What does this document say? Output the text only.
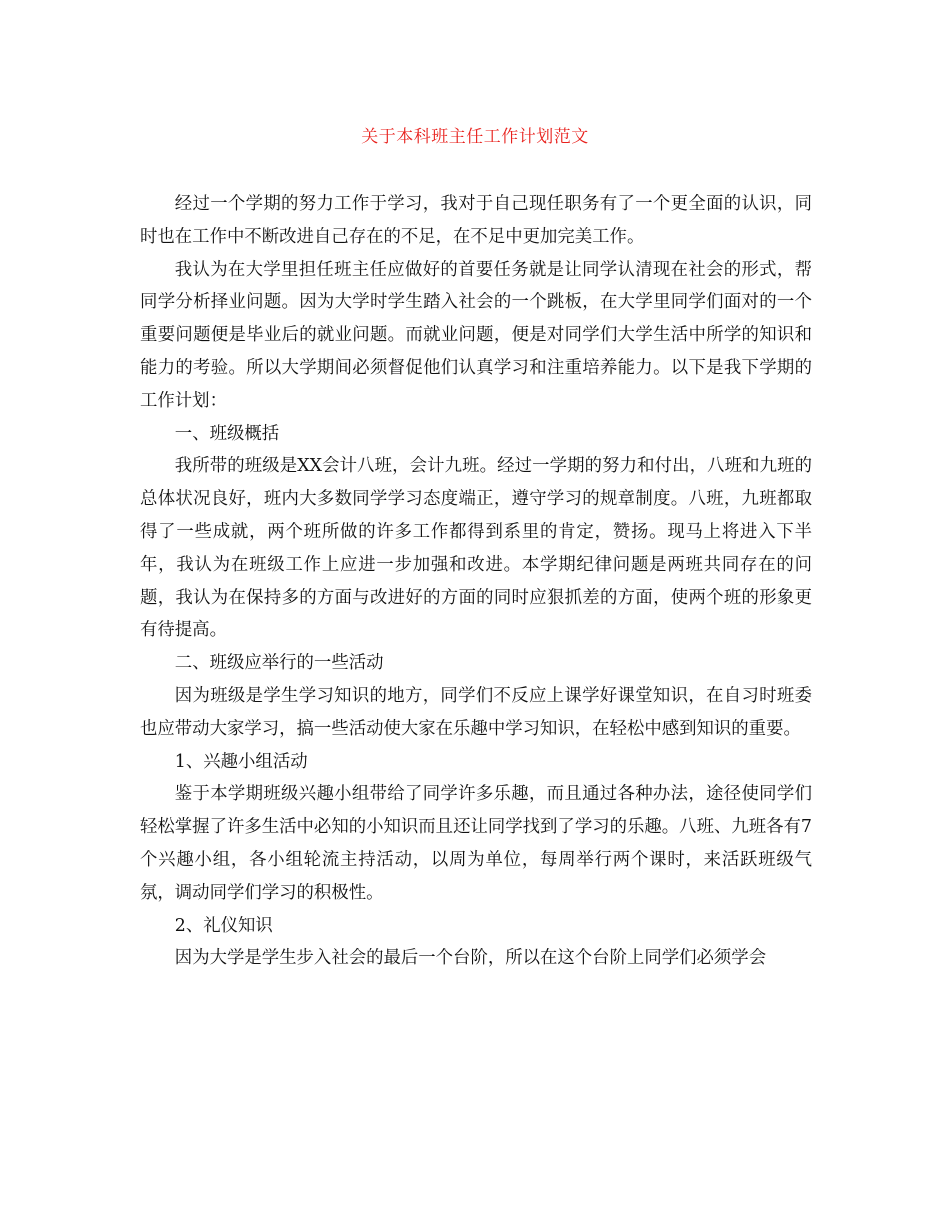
关于本科班主任工作计划范文

经过一个学期的努力工作于学习，我对于自己现任职务有了一个更全面的认识，同时也在工作中不断改进自己存在的不足，在不足中更加完美工作。

我认为在大学里担任班主任应做好的首要任务就是让同学认清现在社会的形式，帮同学分析择业问题。因为大学时学生踏入社会的一个跳板，在大学里同学们面对的一个重要问题便是毕业后的就业问题。而就业问题，便是对同学们大学生活中所学的知识和能力的考验。所以大学期间必须督促他们认真学习和注重培养能力。以下是我下学期的工作计划：

一、班级概括

我所带的班级是XX会计八班，会计九班。经过一学期的努力和付出，八班和九班的总体状况良好，班内大多数同学学习态度端正，遵守学习的规章制度。八班，九班都取得了一些成就，两个班所做的许多工作都得到系里的肯定，赞扬。现马上将进入下半年，我认为在班级工作上应进一步加强和改进。本学期纪律问题是两班共同存在的问题，我认为在保持多的方面与改进好的方面的同时应狠抓差的方面，使两个班的形象更有待提高。

二、班级应举行的一些活动

因为班级是学生学习知识的地方，同学们不反应上课学好课堂知识，在自习时班委也应带动大家学习，搞一些活动使大家在乐趣中学习知识，在轻松中感到知识的重要。

1、兴趣小组活动

鉴于本学期班级兴趣小组带给了同学许多乐趣，而且通过各种办法，途径使同学们轻松掌握了许多生活中必知的小知识而且还让同学找到了学习的乐趣。八班、九班各有7个兴趣小组，各小组轮流主持活动，以周为单位，每周举行两个课时，来活跃班级气氛，调动同学们学习的积极性。

2、礼仪知识

因为大学是学生步入社会的最后一个台阶，所以在这个台阶上同学们必须学会
